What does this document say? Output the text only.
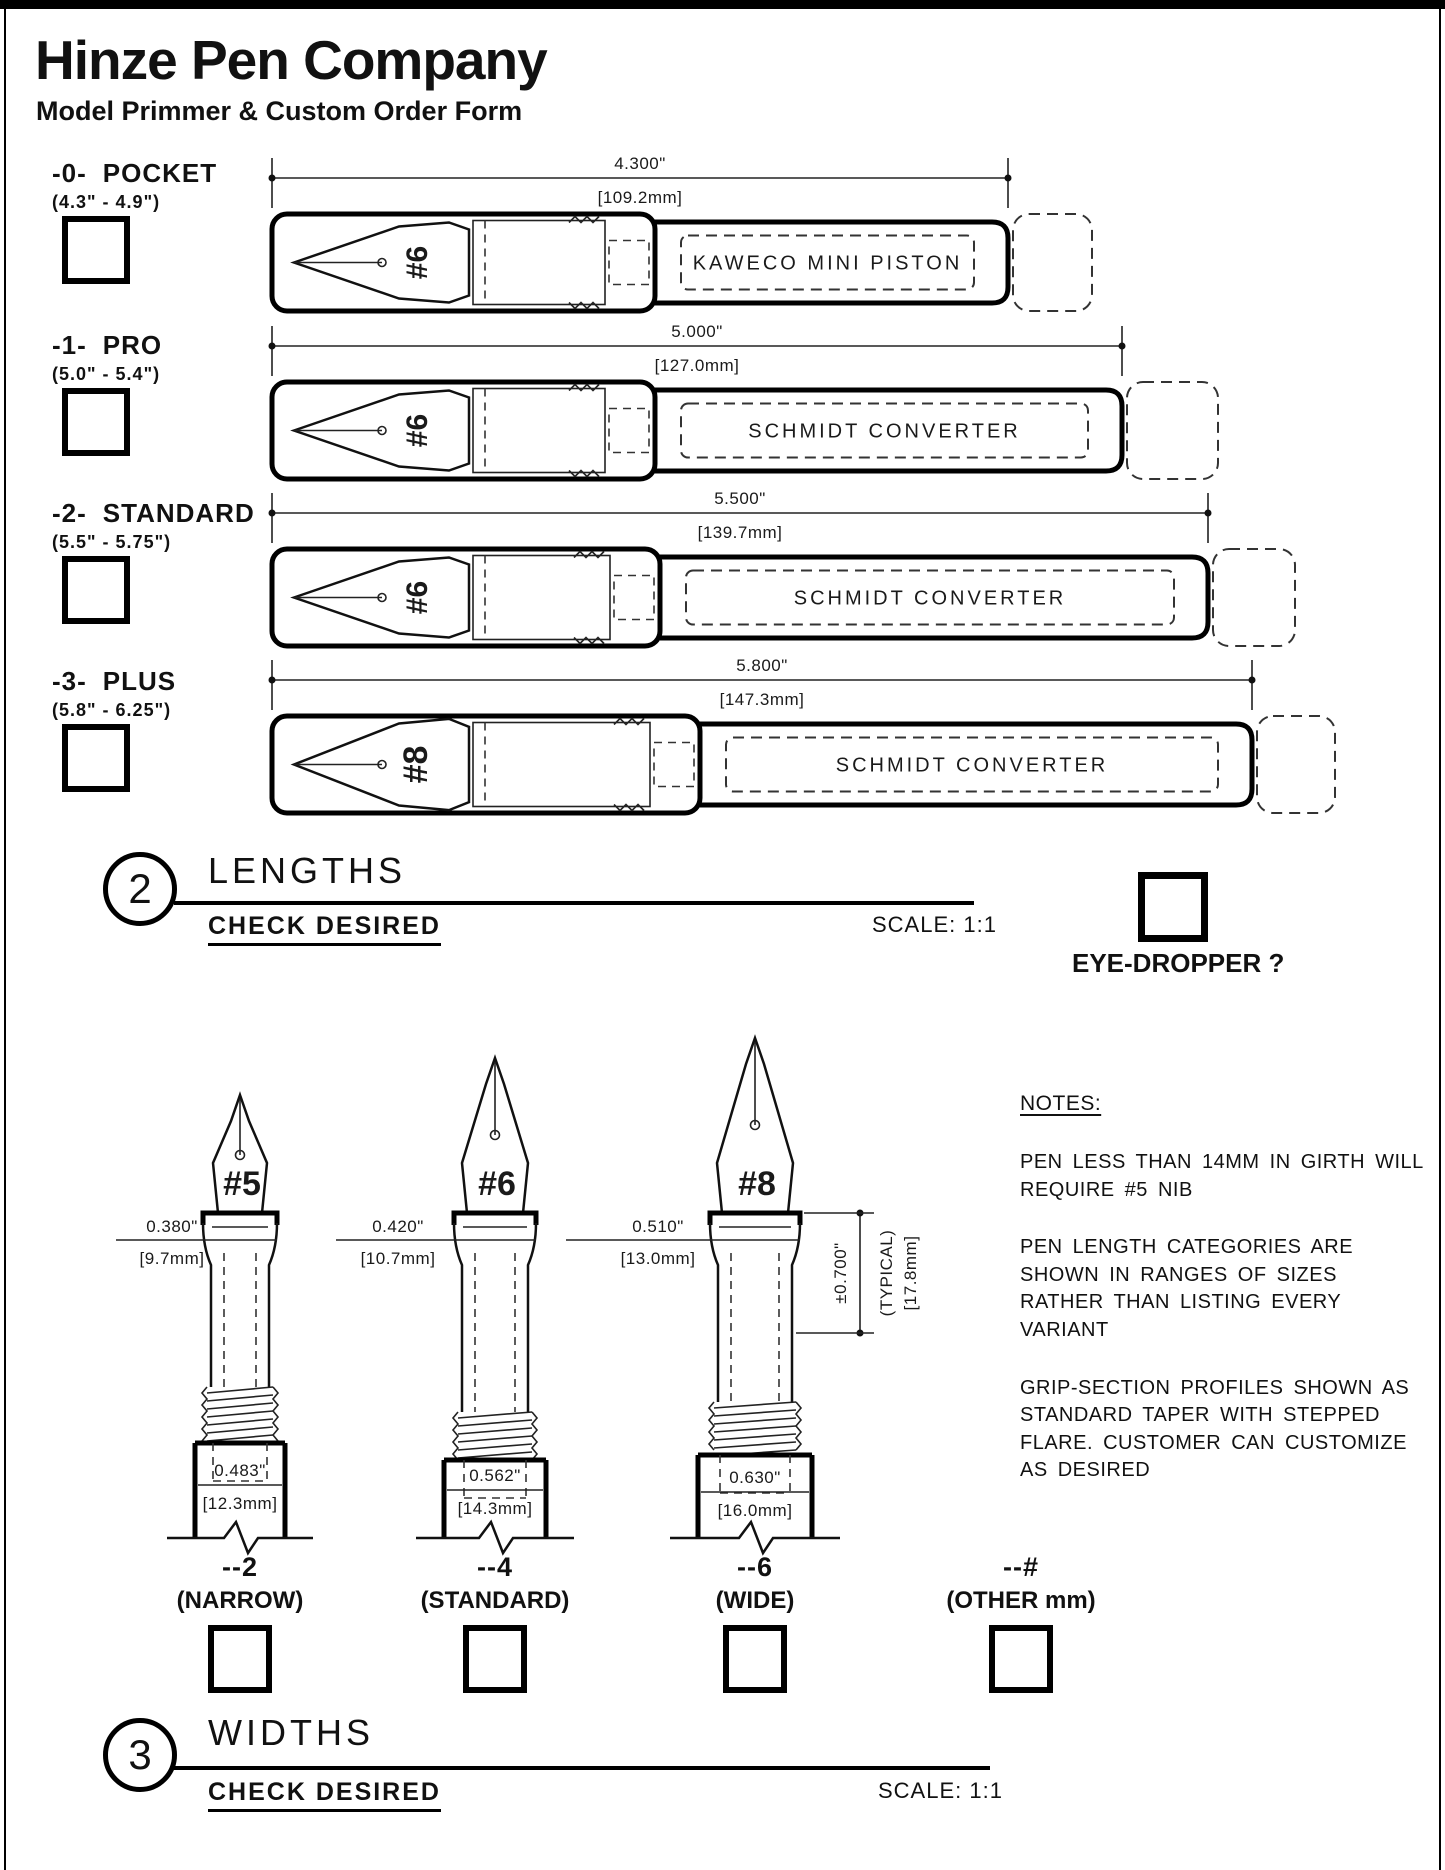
Hinze Pen Company
Model Primmer & Custom Order Form
-0- POCKET
(4.3" - 4.9")
-1- PRO
(5.0" - 5.4")
-2- STANDARD
(5.5" - 5.75")
-3- PLUS
(5.8" - 6.25")
4.300"
[109.2mm]
#6	KAWECO MINI PISTON
5.000"
[127.0mm]
#6	SCHMIDT CONVERTER
5.500"
[139.7mm]
#6	SCHMIDT CONVERTER
5.800"
[147.3mm]
#8	SCHMIDT CONVERTER
2	LENGTHS
CHECK DESIRED	SCALE: 1:1
EYE-DROPPER ?
#5
0.483"
[12.3mm]
0.380"
[9.7mm]
#6
0.562"
[14.3mm]
0.420"
[10.7mm]
#8
0.630"
[16.0mm]
0.510"
[13.0mm]	±0.700" (TYPICAL) [17.8mm]
NOTES:

PEN LESS THAN 14MM IN GIRTH WILL REQUIRE #5 NIB

PEN LENGTH CATEGORIES ARE SHOWN IN RANGES OF SIZES RATHER THAN LISTING EVERY VARIANT

GRIP-SECTION PROFILES SHOWN AS STANDARD TAPER WITH STEPPED FLARE. CUSTOMER CAN CUSTOMIZE AS DESIRED

--2
(NARROW)
--4
(STANDARD)
--6
(WIDE)
--#
(OTHER mm)
3	WIDTHS
CHECK DESIRED	SCALE: 1:1
